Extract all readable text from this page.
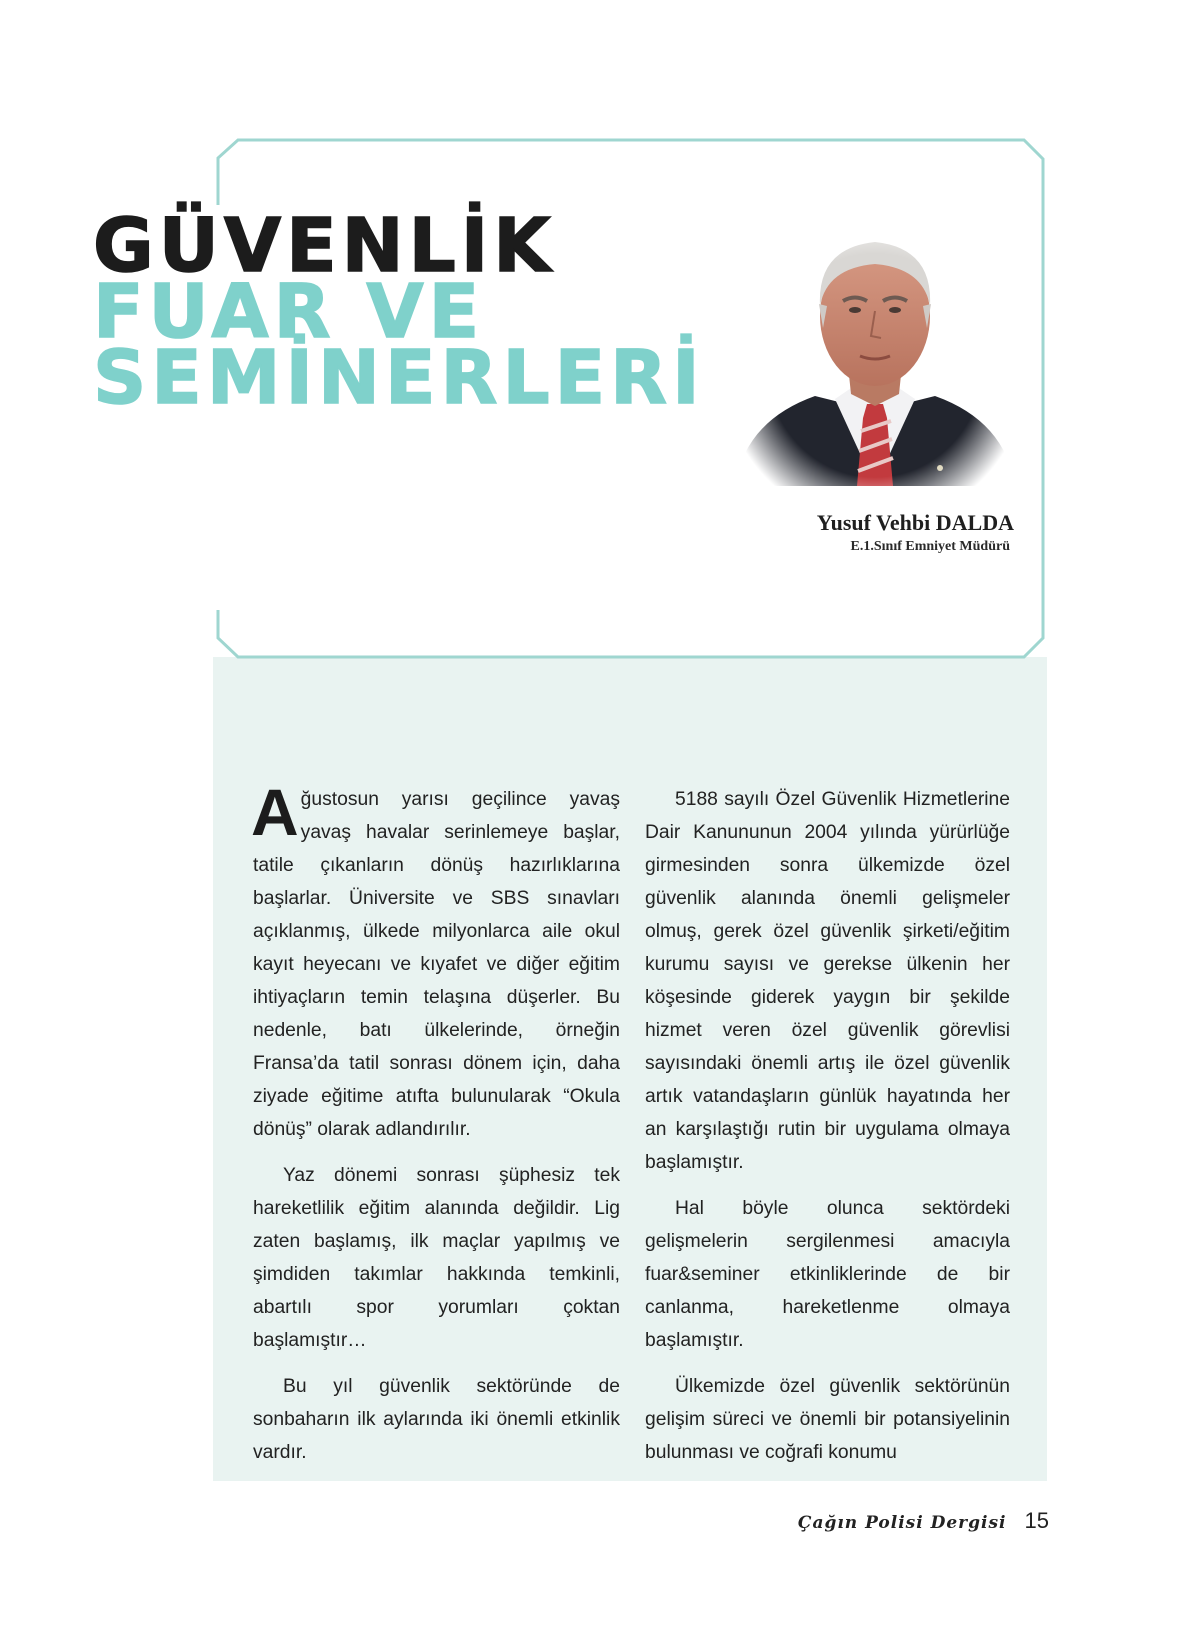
GÜVENLİK
FUAR VE
SEMİNERLERİ
Yusuf Vehbi DALDA
E.1.Sınıf Emniyet Müdürü

Ağustosun yarısı geçilince yavaş yavaş havalar serinlemeye başlar, tatile çıkanların dönüş hazırlıklarına başlarlar. Üniversite ve SBS sınavları açıklanmış, ülkede milyonlarca aile okul kayıt heyecanı ve kıyafet ve diğer eğitim ihtiyaçların temin telaşına düşerler. Bu nedenle, batı ülkelerinde, örneğin Fransa’da tatil sonrası dönem için, daha ziyade eğitime atıfta bulunularak “Okula dönüş” olarak adlandırılır.

Yaz dönemi sonrası şüphesiz tek hareketlilik eğitim alanında değildir. Lig zaten başlamış, ilk maçlar yapılmış ve şimdiden takımlar hakkında temkinli, abartılı spor yorumları çoktan başlamıştır…

Bu yıl güvenlik sektöründe de sonbaharın ilk aylarında iki önemli etkinlik vardır.

5188 sayılı Özel Güvenlik Hizmetlerine Dair Kanununun 2004 yılında yürürlüğe girmesinden sonra ülkemizde özel güvenlik alanında önemli gelişmeler olmuş, gerek özel güvenlik şirketi/eğitim kurumu sayısı ve gerekse ülkenin her köşesinde giderek yaygın bir şekilde hizmet veren özel güvenlik görevlisi sayısındaki önemli artış ile özel güvenlik artık vatandaşların günlük hayatında her an karşılaştığı rutin bir uygulama olmaya başlamıştır.

Hal böyle olunca sektördeki gelişmelerin sergilenmesi amacıyla fuar&seminer etkinliklerinde de bir canlanma, hareketlenme olmaya başlamıştır.

Ülkemizde özel güvenlik sektörünün gelişim süreci ve önemli bir potansiyelinin bulunması ve coğrafi konumu

Çağın Polisi Dergisi 15
